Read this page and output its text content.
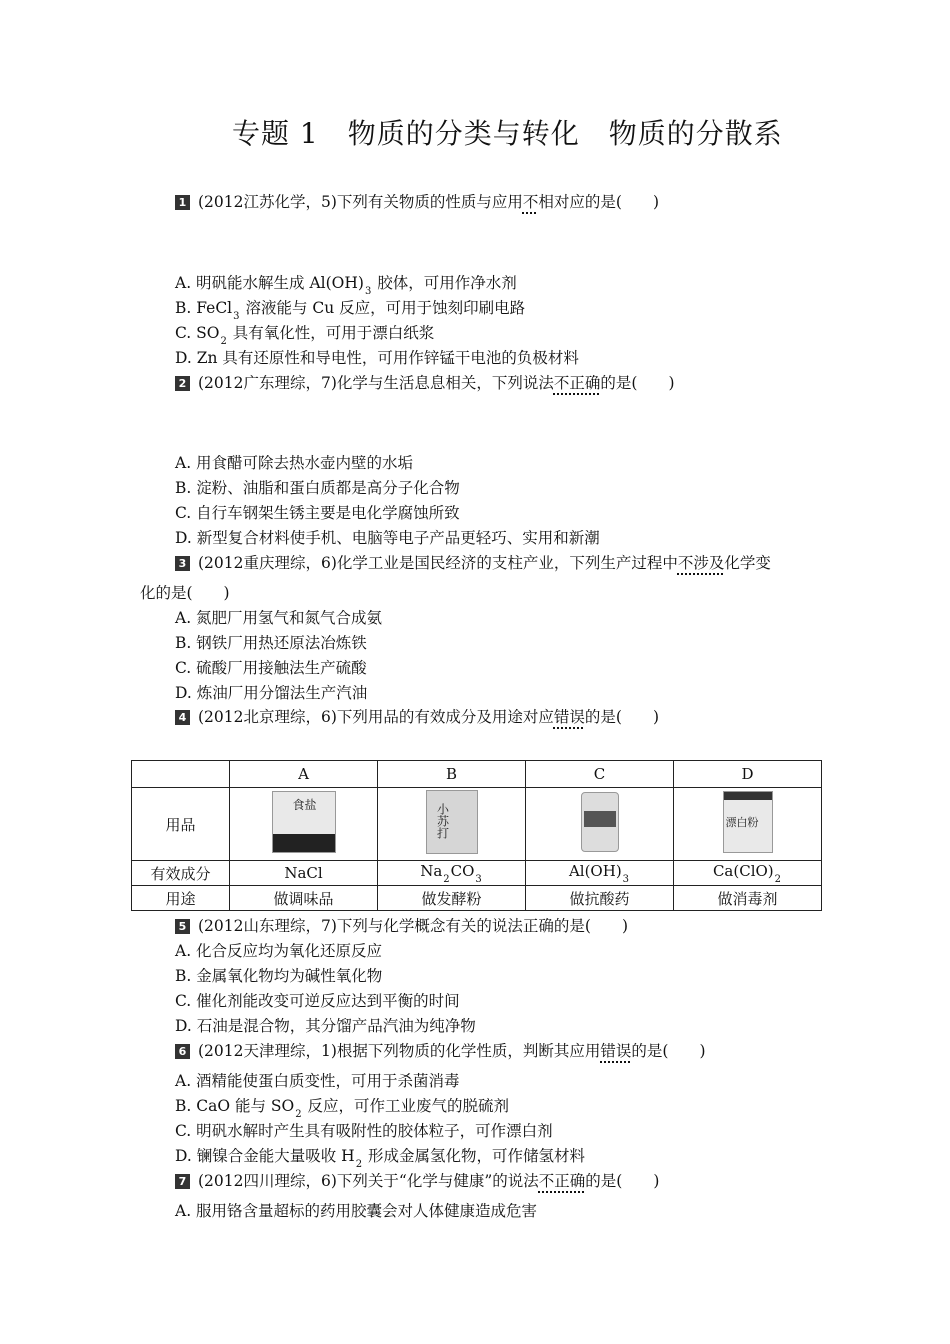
专题 1　物质的分类与转化　物质的分散系
1 (2012江苏化学，5)下列有关物质的性质与应用不相对应的是(　　)
A. 明矾能水解生成 $Al(OH)_3$ 胶体，可用作净水剂
B. FeCl$_3$ 溶液能与 Cu 反应，可用于蚀刻印刷电路
C. $SO_2$ 具有氧化性，可用于漂白纸浆
D. Zn 具有还原性和导电性，可用作锌锰干电池的负极材料
2 (2012广东理综，7)化学与生活息息相关，下列说法不正确的是(　　)
A. 用食醋可除去热水壶内壁的水垢
B. 淀粉、油脂和蛋白质都是高分子化合物
C. 自行车钢架生锈主要是电化学腐蚀所致
D. 新型复合材料使手机、电脑等电子产品更轻巧、实用和新潮
3 (2012重庆理综，6)化学工业是国民经济的支柱产业，下列生产过程中不涉及化学变
化的是(　　)
A. 氮肥厂用氢气和氮气合成氨
B. 钢铁厂用热还原法冶炼铁
C. 硫酸厂用接触法生产硫酸
D. 炼油厂用分馏法生产汽油
4 (2012北京理综，6)下列用品的有效成分及用途对应错误的是(　　)
	A	B	C	D
用品	食盐	小苏打		漂白粉

有效成分	NaCl	$Na_2CO_3$	$Al(OH)_3$	$Ca(ClO)_2$
用途	做调味品	做发酵粉	做抗酸药	做消毒剂
5 (2012山东理综，7)下列与化学概念有关的说法正确的是(　　)
A. 化合反应均为氧化还原反应
B. 金属氧化物均为碱性氧化物
C. 催化剂能改变可逆反应达到平衡的时间
D. 石油是混合物，其分馏产品汽油为纯净物
6 (2012天津理综，1)根据下列物质的化学性质，判断其应用错误的是(　　)
A. 酒精能使蛋白质变性，可用于杀菌消毒
B. CaO 能与 $SO_2$ 反应，可作工业废气的脱硫剂
C. 明矾水解时产生具有吸附性的胶体粒子，可作漂白剂
D. 镧镍合金能大量吸收 $H_2$ 形成金属氢化物，可作储氢材料
7 (2012四川理综，6)下列关于“化学与健康”的说法不正确的是(　　)
A. 服用铬含量超标的药用胶囊会对人体健康造成危害
